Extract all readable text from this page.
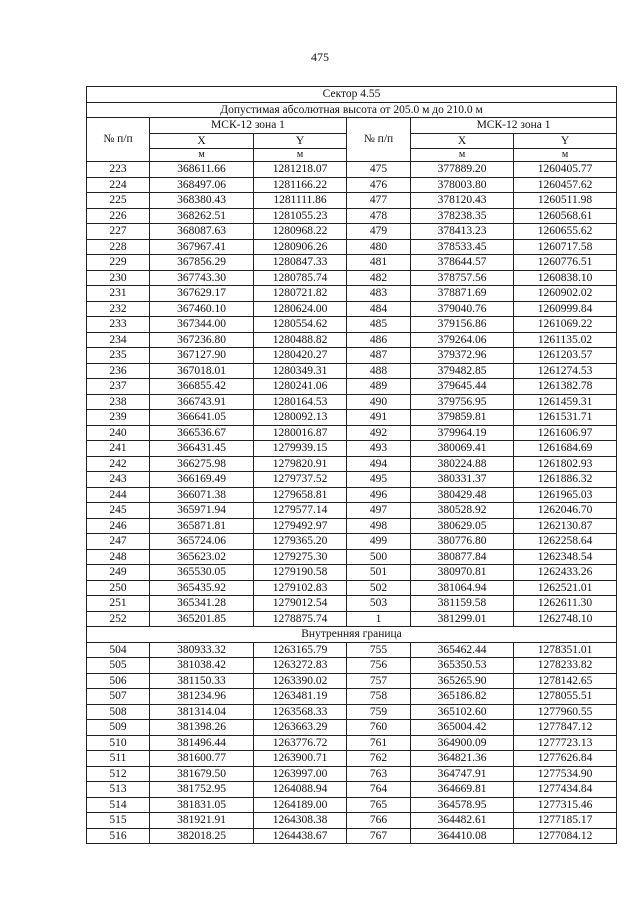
475
Сектор 4.55					
Допустимая абсолютная высота от 205.0 м до 210.0 м					
№ п/п	МСК-12 зона 1		№ п/п	МСК-12 зона 1	
	X	Y		X	Y
	м	м		м	м
223	368611.66	1281218.07	475	377889.20	1260405.77
224	368497.06	1281166.22	476	378003.80	1260457.62
225	368380.43	1281111.86	477	378120.43	1260511.98
226	368262.51	1281055.23	478	378238.35	1260568.61
227	368087.63	1280968.22	479	378413.23	1260655.62
228	367967.41	1280906.26	480	378533.45	1260717.58
229	367856.29	1280847.33	481	378644.57	1260776.51
230	367743.30	1280785.74	482	378757.56	1260838.10
231	367629.17	1280721.82	483	378871.69	1260902.02
232	367460.10	1280624.00	484	379040.76	1260999.84
233	367344.00	1280554.62	485	379156.86	1261069.22
234	367236.80	1280488.82	486	379264.06	1261135.02
235	367127.90	1280420.27	487	379372.96	1261203.57
236	367018.01	1280349.31	488	379482.85	1261274.53
237	366855.42	1280241.06	489	379645.44	1261382.78
238	366743.91	1280164.53	490	379756.95	1261459.31
239	366641.05	1280092.13	491	379859.81	1261531.71
240	366536.67	1280016.87	492	379964.19	1261606.97
241	366431.45	1279939.15	493	380069.41	1261684.69
242	366275.98	1279820.91	494	380224.88	1261802.93
243	366169.49	1279737.52	495	380331.37	1261886.32
244	366071.38	1279658.81	496	380429.48	1261965.03
245	365971.94	1279577.14	497	380528.92	1262046.70
246	365871.81	1279492.97	498	380629.05	1262130.87
247	365724.06	1279365.20	499	380776.80	1262258.64
248	365623.02	1279275.30	500	380877.84	1262348.54
249	365530.05	1279190.58	501	380970.81	1262433.26
250	365435.92	1279102.83	502	381064.94	1262521.01
251	365341.28	1279012.54	503	381159.58	1262611.30
252	365201.85	1278875.74	1	381299.01	1262748.10
Внутренняя граница					
504	380933.32	1263165.79	755	365462.44	1278351.01
505	381038.42	1263272.83	756	365350.53	1278233.82
506	381150.33	1263390.02	757	365265.90	1278142.65
507	381234.96	1263481.19	758	365186.82	1278055.51
508	381314.04	1263568.33	759	365102.60	1277960.55
509	381398.26	1263663.29	760	365004.42	1277847.12
510	381496.44	1263776.72	761	364900.09	1277723.13
511	381600.77	1263900.71	762	364821.36	1277626.84
512	381679.50	1263997.00	763	364747.91	1277534.90
513	381752.95	1264088.94	764	364669.81	1277434.84
514	381831.05	1264189.00	765	364578.95	1277315.46
515	381921.91	1264308.38	766	364482.61	1277185.17
516	382018.25	1264438.67	767	364410.08	1277084.12
